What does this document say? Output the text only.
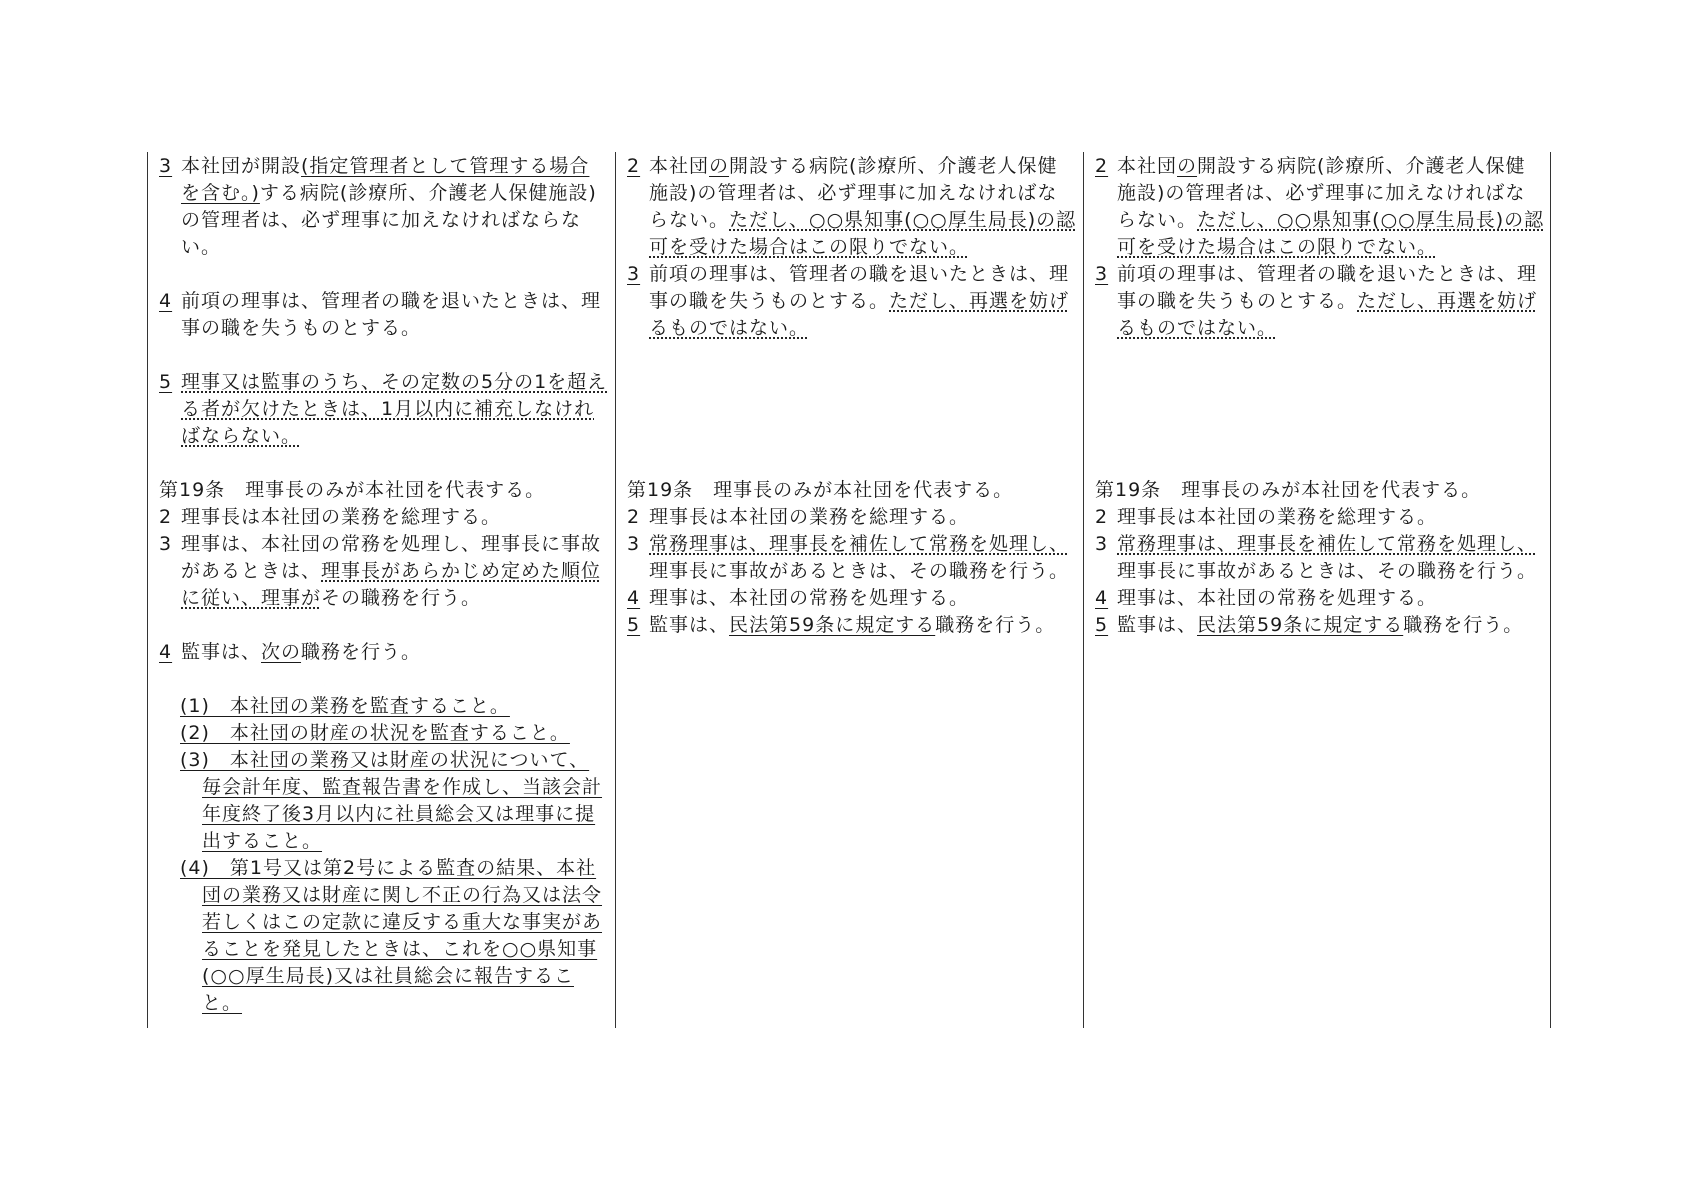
3 本社団が開設(指定管理者として管理する場合を含む。)する病院(診療所、介護老人保健施設)の管理者は、必ず理事に加えなければならない。

4 前項の理事は、管理者の職を退いたときは、理事の職を失うものとする。

5 理事又は監事のうち、その定数の5分の1を超える者が欠けたときは、1月以内に補充しなければならない。

第19条　理事長のみが本社団を代表する。

2 理事長は本社団の業務を総理する。

3 理事は、本社団の常務を処理し、理事長に事故があるときは、理事長があらかじめ定めた順位に従い、理事がその職務を行う。

4 監事は、次の職務を行う。

(1)　本社団の業務を監査すること。

(2)　本社団の財産の状況を監査すること。

(3)　本社団の業務又は財産の状況について、毎会計年度、監査報告書を作成し、当該会計年度終了後3月以内に社員総会又は理事に提出すること。

(4)　第1号又は第2号による監査の結果、本社団の業務又は財産に関し不正の行為又は法令若しくはこの定款に違反する重大な事実があることを発見したときは、これを○○県知事(○○厚生局長)又は社員総会に報告すること。

2 本社団の開設する病院(診療所、介護老人保健施設)の管理者は、必ず理事に加えなければならない。ただし、○○県知事(○○厚生局長)の認可を受けた場合はこの限りでない。

3 前項の理事は、管理者の職を退いたときは、理事の職を失うものとする。ただし、再選を妨げるものではない。

第19条　理事長のみが本社団を代表する。

2 理事長は本社団の業務を総理する。

3 常務理事は、理事長を補佐して常務を処理し、理事長に事故があるときは、その職務を行う。

4 理事は、本社団の常務を処理する。

5 監事は、民法第59条に規定する職務を行う。

2 本社団の開設する病院(診療所、介護老人保健施設)の管理者は、必ず理事に加えなければならない。ただし、○○県知事(○○厚生局長)の認可を受けた場合はこの限りでない。

3 前項の理事は、管理者の職を退いたときは、理事の職を失うものとする。ただし、再選を妨げるものではない。

第19条　理事長のみが本社団を代表する。

2 理事長は本社団の業務を総理する。

3 常務理事は、理事長を補佐して常務を処理し、理事長に事故があるときは、その職務を行う。

4 理事は、本社団の常務を処理する。

5 監事は、民法第59条に規定する職務を行う。
